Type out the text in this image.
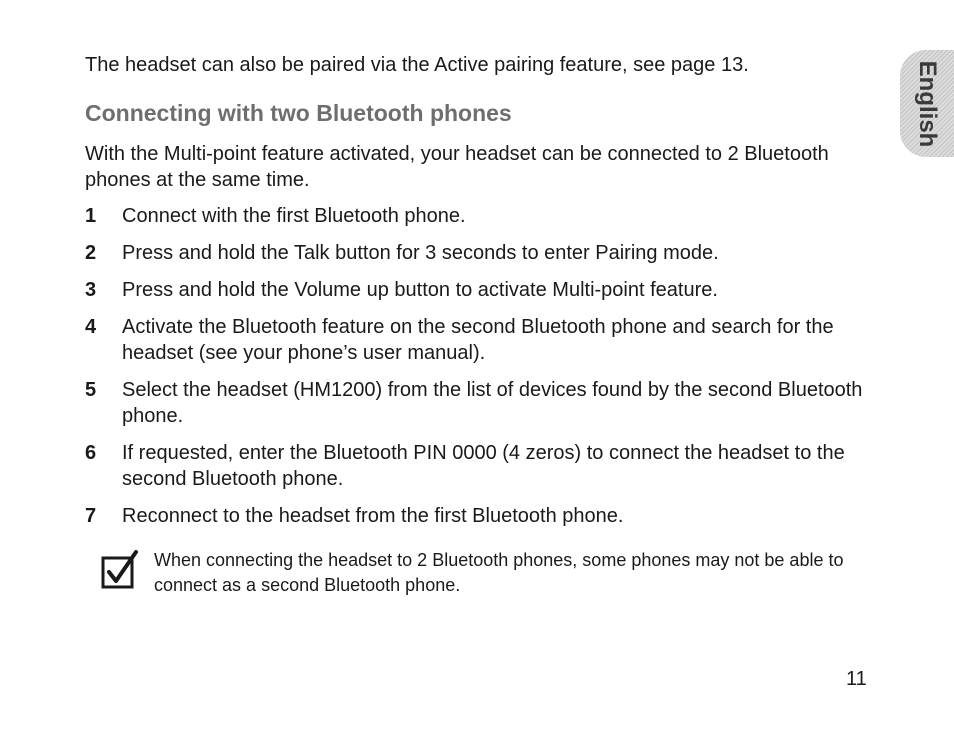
The headset can also be paired via the Active pairing feature, see page 13.

Connecting with two Bluetooth phones

With the Multi-point feature activated, your headset can be connected to 2 Bluetooth phones at the same time.

1	Connect with the first Bluetooth phone.
2	Press and hold the Talk button for 3 seconds to enter Pairing mode.
3	Press and hold the Volume up button to activate Multi-point feature.
4	Activate the Bluetooth feature on the second Bluetooth phone and search for the headset (see your phone’s user manual).
5	Select the headset (HM1200) from the list of devices found by the second Bluetooth phone.
6	If requested, enter the Bluetooth PIN 0000 (4 zeros) to connect the headset to the second Bluetooth phone.
7	Reconnect to the headset from the first Bluetooth phone.

When connecting the headset to 2 Bluetooth phones, some phones may not be able to connect as a second Bluetooth phone.

English

11
